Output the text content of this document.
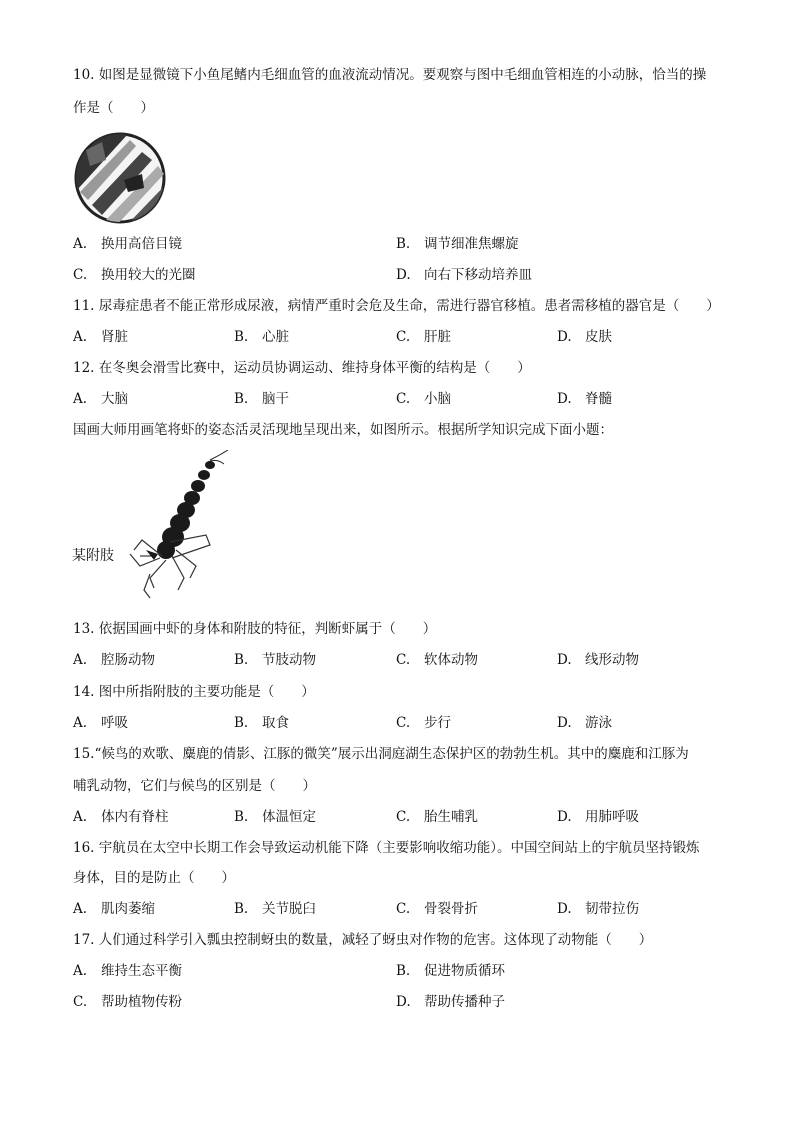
10. 如图是显微镜下小鱼尾鳍内毛细血管的血液流动情况。要观察与图中毛细血管相连的小动脉，恰当的操
作是（　　）
A. 换用高倍目镜	B. 调节细准焦螺旋
C. 换用较大的光圈	D. 向右下移动培养皿
11. 尿毒症患者不能正常形成尿液，病情严重时会危及生命，需进行器官移植。患者需移植的器官是（　　）
A. 肾脏	B. 心脏	C. 肝脏	D. 皮肤
12. 在冬奥会滑雪比赛中，运动员协调运动、维持身体平衡的结构是（　　）
A. 大脑	B. 脑干	C. 小脑	D. 脊髓
国画大师用画笔将虾的姿态活灵活现地呈现出来，如图所示。根据所学知识完成下面小题：
某附肢
13. 依据国画中虾的身体和附肢的特征，判断虾属于（　　）
A. 腔肠动物	B. 节肢动物	C. 软体动物	D. 线形动物
14. 图中所指附肢的主要功能是（　　）
A. 呼吸	B. 取食	C. 步行	D. 游泳
15.“候鸟的欢歌、麋鹿的倩影、江豚的微笑”展示出洞庭湖生态保护区的勃勃生机。其中的麋鹿和江豚为
哺乳动物，它们与候鸟的区别是（　　）
A. 体内有脊柱	B. 体温恒定	C. 胎生哺乳	D. 用肺呼吸
16. 宇航员在太空中长期工作会导致运动机能下降（主要影响收缩功能）。中国空间站上的宇航员坚持锻炼
身体，目的是防止（　　）
A. 肌肉萎缩	B. 关节脱臼	C. 骨裂骨折	D. 韧带拉伤
17. 人们通过科学引入瓢虫控制蚜虫的数量，减轻了蚜虫对作物的危害。这体现了动物能（　　）
A. 维持生态平衡	B. 促进物质循环
C. 帮助植物传粉	D. 帮助传播种子
